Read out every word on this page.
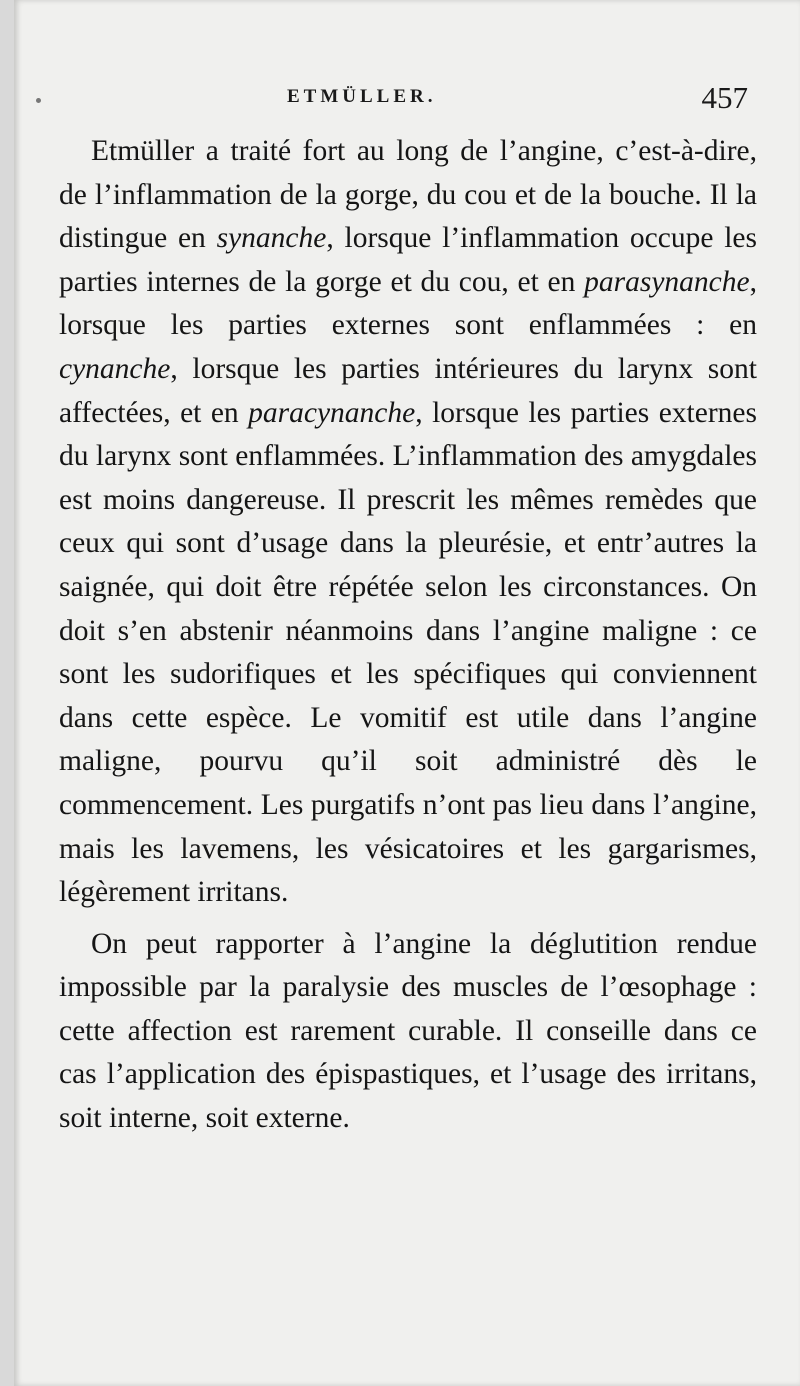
ETMÜLLER.	457

Etmüller a traité fort au long de l’angine, c’est-à-dire, de l’inflammation de la gorge, du cou et de la bouche. Il la distingue en synanche, lorsque l’inflammation occupe les parties internes de la gorge et du cou, et en parasynanche, lorsque les parties externes sont enflammées : en cynanche, lorsque les parties intérieures du larynx sont affectées, et en paracynanche, lorsque les parties externes du larynx sont enflammées. L’inflammation des amygdales est moins dangereuse. Il prescrit les mêmes remèdes que ceux qui sont d’usage dans la pleurésie, et entr’autres la saignée, qui doit être répétée selon les circonstances. On doit s’en abstenir néanmoins dans l’angine maligne : ce sont les sudorifiques et les spécifiques qui conviennent dans cette espèce. Le vomitif est utile dans l’angine maligne, pourvu qu’il soit administré dès le commencement. Les purgatifs n’ont pas lieu dans l’angine, mais les lavemens, les vésicatoires et les gargarismes, légèrement irritans.

On peut rapporter à l’angine la déglutition rendue impossible par la paralysie des muscles de l’œsophage : cette affection est rarement curable. Il conseille dans ce cas l’application des épispastiques, et l’usage des irritans, soit interne, soit externe.
